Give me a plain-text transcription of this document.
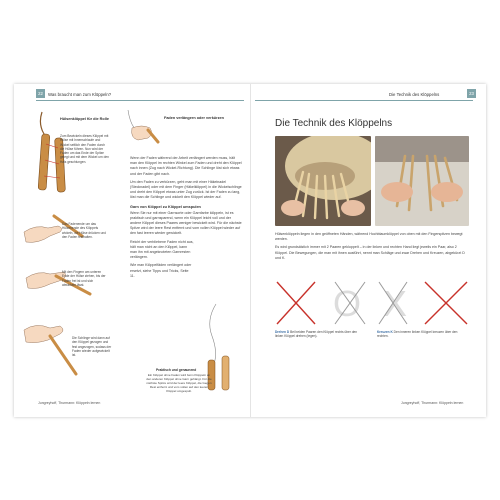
22	Was braucht man zum Klöppeln?
Hülsenklöppel für die Rolle
Zum Bewickeln dieses Klöppel mit Hülse mit Innenschlaufe und Wickel seitlich den Faden durch die Hülse führen. Nun wird der Faden um das Ende der Spitze gelegt und mit dem Wickel um den Hals geschlungen.
Faden verlängern oder verkürzen
Das Fadenende um das Hülsenende des Klöppels wickeln, die Hülse drücken und den Faden festhalten.
Mit den Fingern am unteren Ende der Hülse ziehen, bis der Faden frei ist und sich abwickeln lässt.
Die Schlinge wird dann auf den Klöppel gezogen und fest angezogen, sodass der Faden wieder aufgewickelt ist.

Wenn der Faden während der Arbeit verlängert werden muss, hält man den Klöppel im rechten Winkel zum Faden und dreht den Klöppel nach innen (Zug nach Wickel-Richtung). Die Schlinge löst sich etwas und der Faden gibt nach.

Um den Faden zu verkürzen, geht man mit einer Häkelnadel (Stecknadel) oder mit dem Finger (Häkelklöppel) in die Wickelschlinge und dreht den Klöppel etwas unter Zug zurück. Ist der Faden zu lang, löst man die Schlinge und wickelt den Klöppel wieder auf.

Garn von Klöppel zu Klöppel umspulen

Wenn Sie nur mit einer Garnsorte oder Garnfarbe klöppeln, ist es praktisch und garnsparend, wenn ein Klöppel leicht voll und der andere Klöppel dieses Paares weniger bewickelt wird. Für die nächste Spitze wird der leere Rest entfernt und vom vollen Klöppel wieder auf den fast leeren wieder gewickelt.

Reicht der verbliebene Faden nicht aus, hält man nicht an den Klöppel, kann man ihn mit angeknoteten Garnresten verlängern.

Wie man Klöppelfäden verlängert oder ersetzt, siehe Tipps und Tricks, Seite 11.

Praktisch und genaunend
Ein Klöppel ohne Faden wird beim Klöppeln an den anderen Klöppel ohne Garn gehängt. Für die nächste Spitze wird der leere Klöppel, die Gegen Rest entfernt und vom vollen auf den leeren Klöppel umgespult.
Jungreyhoff, Thurmann: Klöppeln lernen
Die Technik des Klöppelns	23
Die Technik des Klöppelns

Hülsenklöppeln liegen in den geöffneten Händen, während Hochblaumklöppel von oben mit den Fingerspitzen bewegt werden.

Es wird grundsätzlich immer mit 2 Paaren gekloppelt – in der linken und rechten Hand liegt jeweils ein Paar, also 2 Klöppel. Die Bewegungen, die man mit ihnen ausführt, nennt man Schläge und zwar Drehen und Kreuzen, abgekürzt D und K.

O X
Drehen D Bei beiden Paaren den Klöppel rechts über den linken Klöppel drehen (legen).
Kreuzen K Den inneren linken Klöppel kreuzen über den rechten.
Jungreyhoff, Thurmann: Klöppeln lernen
